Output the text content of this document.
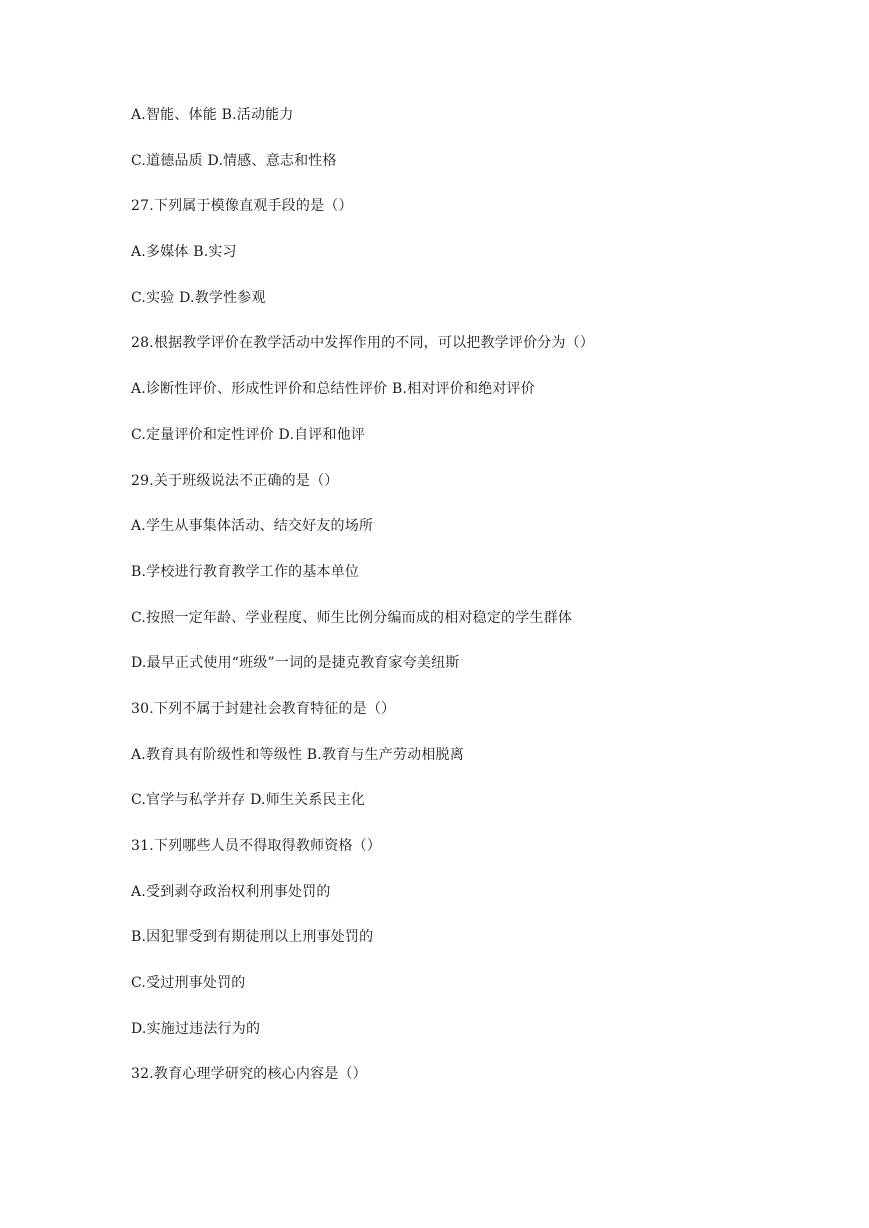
A.智能、体能 B.活动能力
C.道德品质 D.情感、意志和性格
27.下列属于模像直观手段的是（）
A.多媒体 B.实习
C.实验 D.教学性参观
28.根据教学评价在教学活动中发挥作用的不同，可以把教学评价分为（）
A.诊断性评价、形成性评价和总结性评价 B.相对评价和绝对评价
C.定量评价和定性评价 D.自评和他评
29.关于班级说法不正确的是（）
A.学生从事集体活动、结交好友的场所
B.学校进行教育教学工作的基本单位
C.按照一定年龄、学业程度、师生比例分编而成的相对稳定的学生群体
D.最早正式使用“班级”一词的是捷克教育家夸美纽斯
30.下列不属于封建社会教育特征的是（）
A.教育具有阶级性和等级性 B.教育与生产劳动相脱离
C.官学与私学并存 D.师生关系民主化
31.下列哪些人员不得取得教师资格（）
A.受到剥夺政治权利刑事处罚的
B.因犯罪受到有期徒刑以上刑事处罚的
C.受过刑事处罚的
D.实施过违法行为的
32.教育心理学研究的核心内容是（）
